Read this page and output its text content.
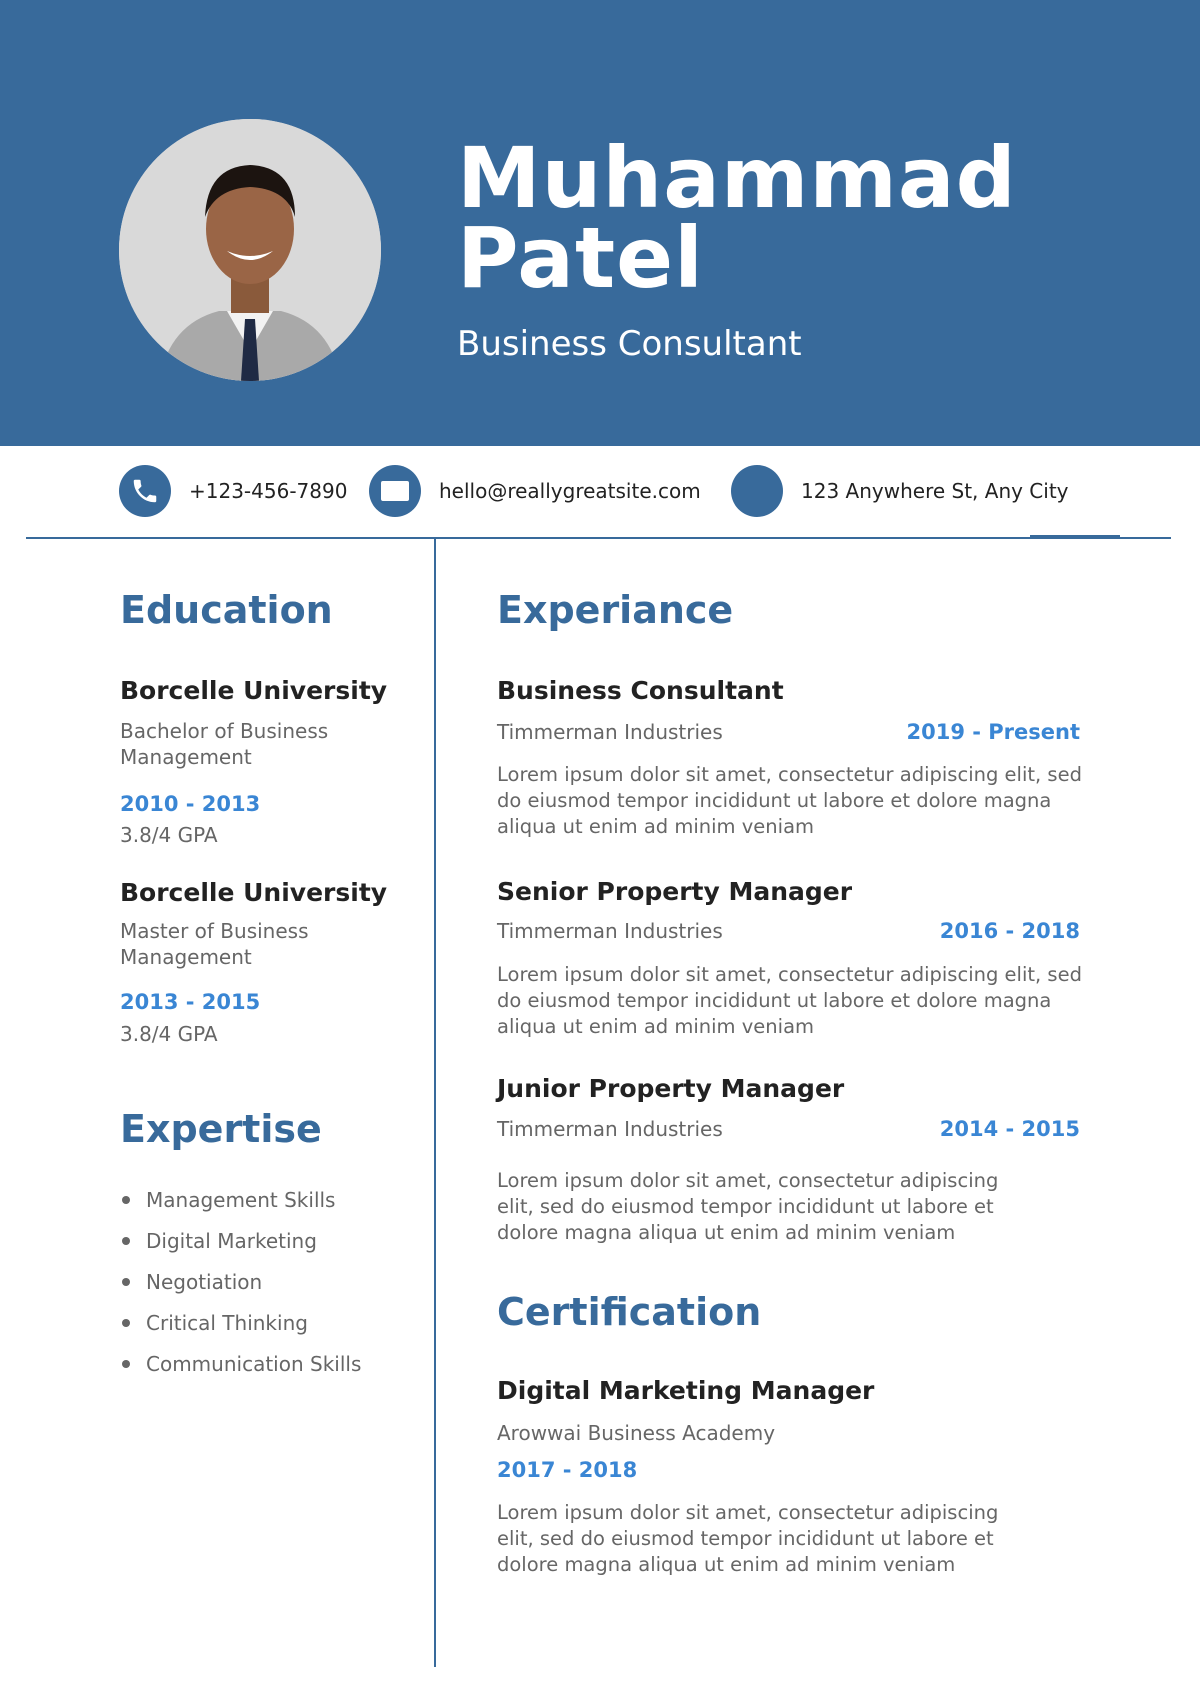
Muhammad
Patel
Business Consultant
+123-456-7890	hello@reallygreatsite.com	123 Anywhere St, Any City
Education
Borcelle University
Bachelor of Business Management
2010 - 2013
3.8/4 GPA
Borcelle University
Master of Business Management
2013 - 2015
3.8/4 GPA
Expertise
Management Skills
Digital Marketing
Negotiation
Critical Thinking
Communication Skills
Experiance
Business Consultant
Timmerman Industries	2019 - Present
Lorem ipsum dolor sit amet, consectetur adipiscing elit, sed do eiusmod tempor incididunt ut labore et dolore magna aliqua ut enim ad minim veniam
Senior Property Manager
Timmerman Industries	2016 - 2018
Lorem ipsum dolor sit amet, consectetur adipiscing elit, sed do eiusmod tempor incididunt ut labore et dolore magna aliqua ut enim ad minim veniam
Junior Property Manager
Timmerman Industries	2014 - 2015
Lorem ipsum dolor sit amet, consectetur adipiscing elit, sed do eiusmod tempor incididunt ut labore et dolore magna aliqua ut enim ad minim veniam
Certification
Digital Marketing Manager
Arowwai Business Academy
2017 - 2018
Lorem ipsum dolor sit amet, consectetur adipiscing elit, sed do eiusmod tempor incididunt ut labore et dolore magna aliqua ut enim ad minim veniam
